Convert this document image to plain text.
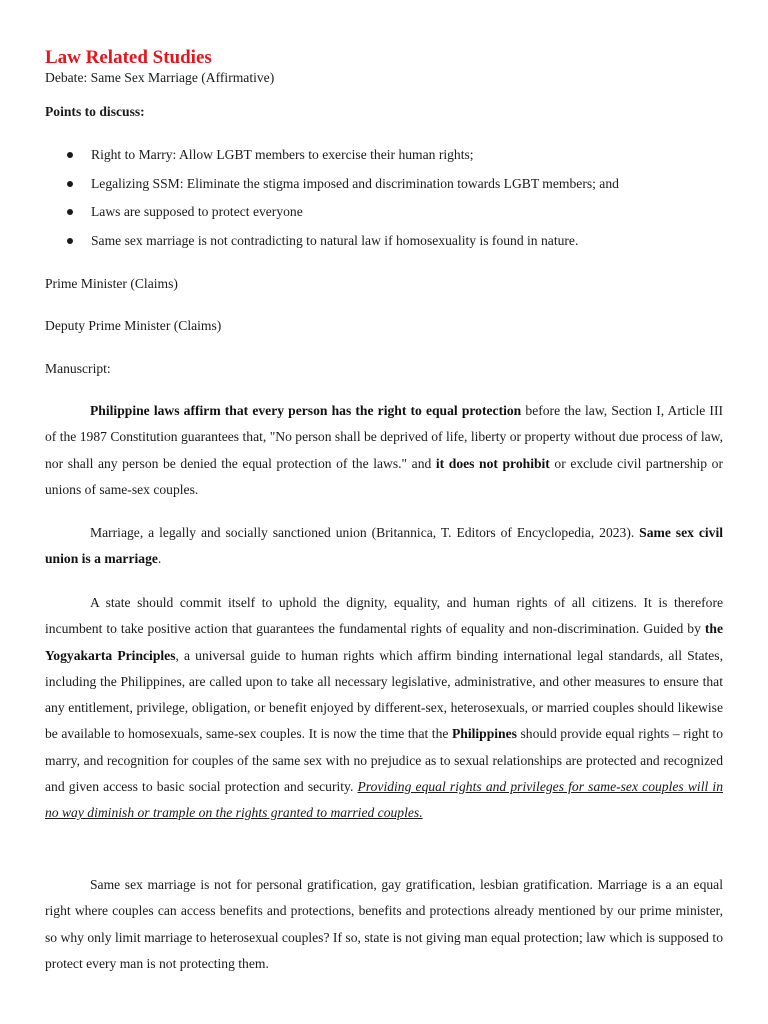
Law Related Studies
Debate: Same Sex Marriage (Affirmative)
Points to discuss:
Right to Marry: Allow LGBT members to exercise their human rights;
Legalizing SSM: Eliminate the stigma imposed and discrimination towards LGBT members; and
Laws are supposed to protect everyone
Same sex marriage is not contradicting to natural law if homosexuality is found in nature.
Prime Minister (Claims)
Deputy Prime Minister (Claims)
Manuscript:

Philippine laws affirm that every person has the right to equal protection before the law, Section I, Article III of the 1987 Constitution guarantees that, "No person shall be deprived of life, liberty or property without due process of law, nor shall any person be denied the equal protection of the laws." and it does not prohibit or exclude civil partnership or unions of same-sex couples.

Marriage, a legally and socially sanctioned union (Britannica, T. Editors of Encyclopedia, 2023). Same sex civil union is a marriage.

A state should commit itself to uphold the dignity, equality, and human rights of all citizens. It is therefore incumbent to take positive action that guarantees the fundamental rights of equality and non-discrimination. Guided by the Yogyakarta Principles, a universal guide to human rights which affirm binding international legal standards, all States, including the Philippines, are called upon to take all necessary legislative, administrative, and other measures to ensure that any entitlement, privilege, obligation, or benefit enjoyed by different-sex, heterosexuals, or married couples should likewise be available to homosexuals, same-sex couples. It is now the time that the Philippines should provide equal rights – right to marry, and recognition for couples of the same sex with no prejudice as to sexual relationships are protected and recognized and given access to basic social protection and security. Providing equal rights and privileges for same-sex couples will in no way diminish or trample on the rights granted to married couples.

Same sex marriage is not for personal gratification, gay gratification, lesbian gratification. Marriage is a an equal right where couples can access benefits and protections, benefits and protections already mentioned by our prime minister, so why only limit marriage to heterosexual couples? If so, state is not giving man equal protection; law which is supposed to protect every man is not protecting them.
